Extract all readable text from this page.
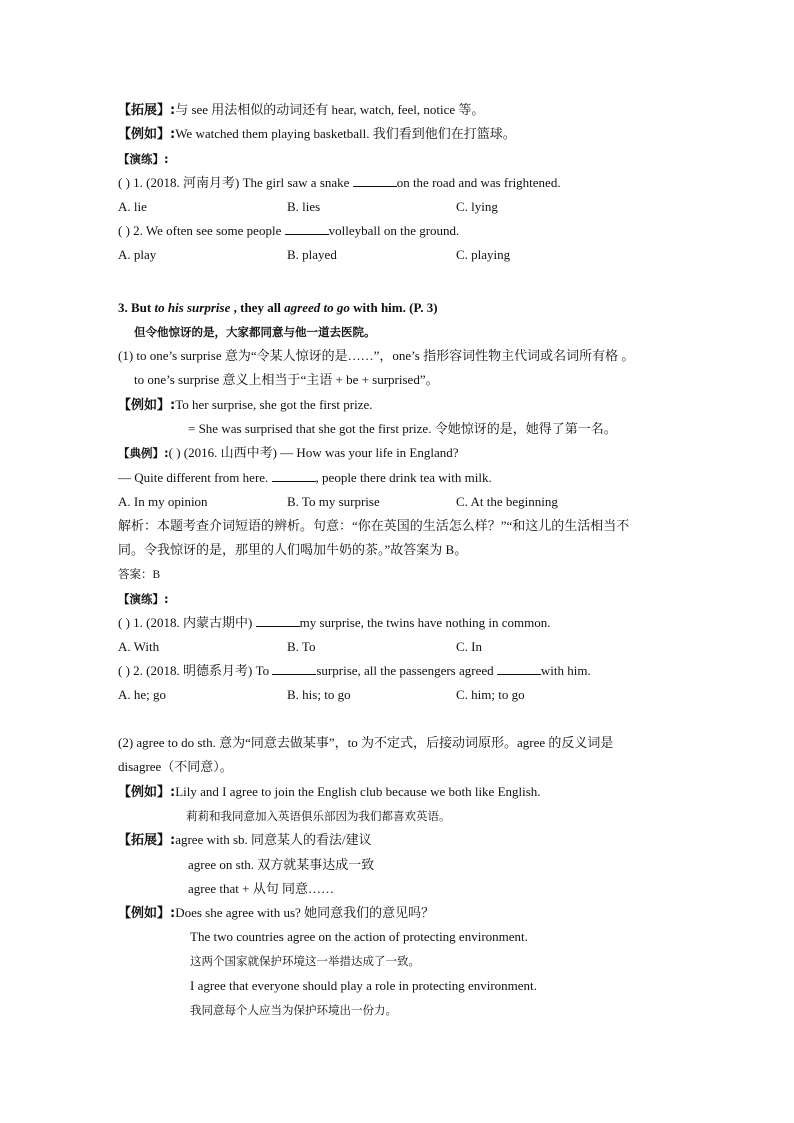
【拓展】:与 see 用法相似的动词还有 hear, watch, feel, notice 等。
【例如】:We watched them playing basketball. 我们看到他们在打篮球。
【演练】:
( ) 1. (2018. 河南月考) The girl saw a snake	on the road and was frightened.
A. lie	B. lies	C. lying
( ) 2. We often see some people	volleyball on the ground.
A. play	B. played	C. playing
3. But to his surprise , they all agreed to go with him. (P. 3)
但令他惊讶的是，大家都同意与他一道去医院。
(1) to one’s surprise 意为“令某人惊讶的是……”，one’s 指形容词性物主代词或名词所有格 。
to one’s surprise 意义上相当于“主语 + be + surprised”。
【例如】:To her surprise, she got the first prize.
= She was surprised that she got the first prize. 令她惊讶的是，她得了第一名。
【典例】:( ) (2016. 山西中考) — How was your life in England?
— Quite different from here.	, people there drink tea with milk.
A. In my opinion	B. To my surprise	C. At the beginning
解析：本题考查介词短语的辨析。句意：“你在英国的生活怎么样？”“和这儿的生活相当不
同。令我惊讶的是，那里的人们喝加牛奶的茶。”故答案为 B。
答案：B
【演练】:
( ) 1. (2018. 内蒙古期中)	my surprise, the twins have nothing in common.
A. With	B. To	C. In
( ) 2. (2018. 明德系月考) To	surprise, all the passengers agreed	with him.
A. he; go	B. his; to go	C. him; to go
(2) agree to do sth. 意为“同意去做某事”，to 为不定式，后接动词原形。agree 的反义词是
disagree（不同意）。
【例如】:Lily and I agree to join the English club because we both like English.
莉莉和我同意加入英语俱乐部因为我们都喜欢英语。
【拓展】:agree with sb. 同意某人的看法/建议
agree on sth. 双方就某事达成一致
agree that + 从句 同意……
【例如】:Does she agree with us? 她同意我们的意见吗？
The two countries agree on the action of protecting environment.
这两个国家就保护环境这一举措达成了一致。
I agree that everyone should play a role in protecting environment.
我同意每个人应当为保护环境出一份力。
